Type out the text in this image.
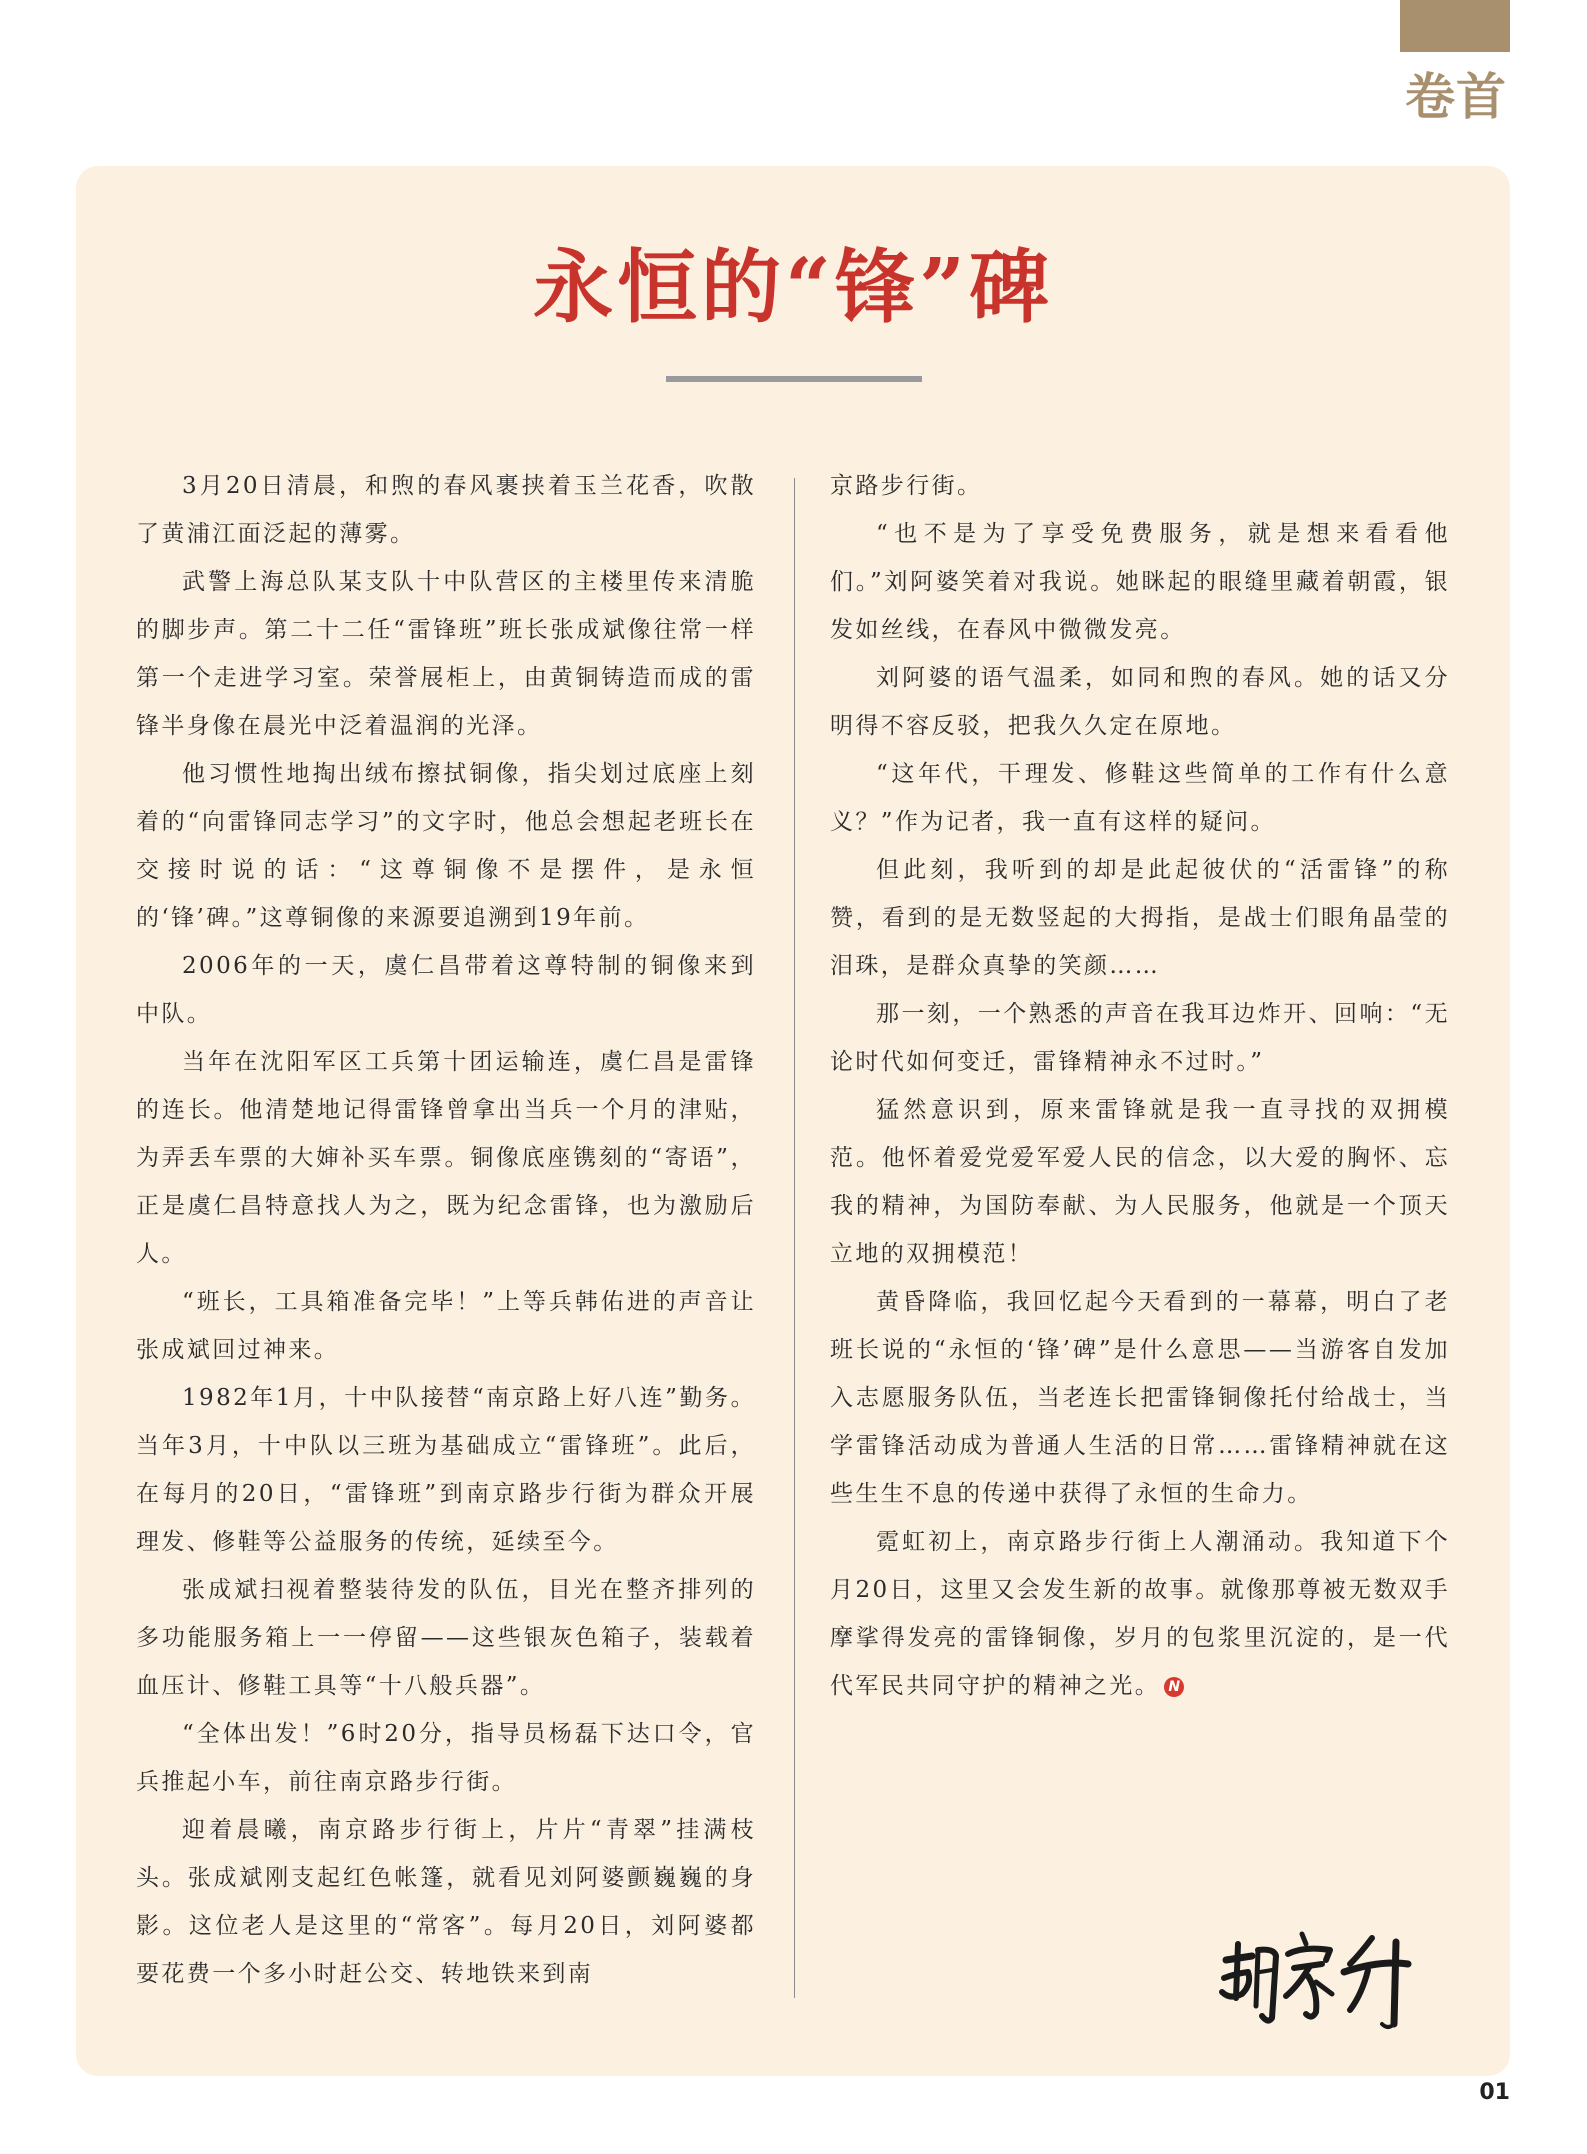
卷首
永恒的“锋”碑

3月20日清晨，和煦的春风裹挟着玉兰花香，吹散了黄浦江面泛起的薄雾。

武警上海总队某支队十中队营区的主楼里传来清脆的脚步声。第二十二任“雷锋班”班长张成斌像往常一样第一个走进学习室。荣誉展柜上，由黄铜铸造而成的雷锋半身像在晨光中泛着温润的光泽。

他习惯性地掏出绒布擦拭铜像，指尖划过底座上刻着的“向雷锋同志学习”的文字时，他总会想起老班长在交接时说的话：“这尊铜像不是摆件，是永恒的‘锋’碑。”这尊铜像的来源要追溯到19年前。

2006年的一天，虞仁昌带着这尊特制的铜像来到中队。

当年在沈阳军区工兵第十团运输连，虞仁昌是雷锋的连长。他清楚地记得雷锋曾拿出当兵一个月的津贴，为弄丢车票的大婶补买车票。铜像底座镌刻的“寄语”，正是虞仁昌特意找人为之，既为纪念雷锋，也为激励后人。

“班长，工具箱准备完毕！”上等兵韩佑进的声音让张成斌回过神来。

1982年1月，十中队接替“南京路上好八连”勤务。当年3月，十中队以三班为基础成立“雷锋班”。此后，在每月的20日，“雷锋班”到南京路步行街为群众开展理发、修鞋等公益服务的传统，延续至今。

张成斌扫视着整装待发的队伍，目光在整齐排列的多功能服务箱上一一停留——这些银灰色箱子，装载着血压计、修鞋工具等“十八般兵器”。

“全体出发！”6时20分，指导员杨磊下达口令，官兵推起小车，前往南京路步行街。

迎着晨曦，南京路步行街上，片片“青翠”挂满枝头。张成斌刚支起红色帐篷，就看见刘阿婆颤巍巍的身影。这位老人是这里的“常客”。每月20日，刘阿婆都要花费一个多小时赶公交、转地铁来到南

京路步行街。

“也不是为了享受免费服务，就是想来看看他们。”刘阿婆笑着对我说。她眯起的眼缝里藏着朝霞，银发如丝线，在春风中微微发亮。

刘阿婆的语气温柔，如同和煦的春风。她的话又分明得不容反驳，把我久久定在原地。

“这年代，干理发、修鞋这些简单的工作有什么意义？”作为记者，我一直有这样的疑问。

但此刻，我听到的却是此起彼伏的“活雷锋”的称赞，看到的是无数竖起的大拇指，是战士们眼角晶莹的泪珠，是群众真挚的笑颜……

那一刻，一个熟悉的声音在我耳边炸开、回响：“无论时代如何变迁，雷锋精神永不过时。”

猛然意识到，原来雷锋就是我一直寻找的双拥模范。他怀着爱党爱军爱人民的信念，以大爱的胸怀、忘我的精神，为国防奉献、为人民服务，他就是一个顶天立地的双拥模范！

黄昏降临，我回忆起今天看到的一幕幕，明白了老班长说的“永恒的‘锋’碑”是什么意思——当游客自发加入志愿服务队伍，当老连长把雷锋铜像托付给战士，当学雷锋活动成为普通人生活的日常……雷锋精神就在这些生生不息的传递中获得了永恒的生命力。

霓虹初上，南京路步行街上人潮涌动。我知道下个月20日，这里又会发生新的故事。就像那尊被无数双手摩挲得发亮的雷锋铜像，岁月的包浆里沉淀的，是一代代军民共同守护的精神之光。 N

01
